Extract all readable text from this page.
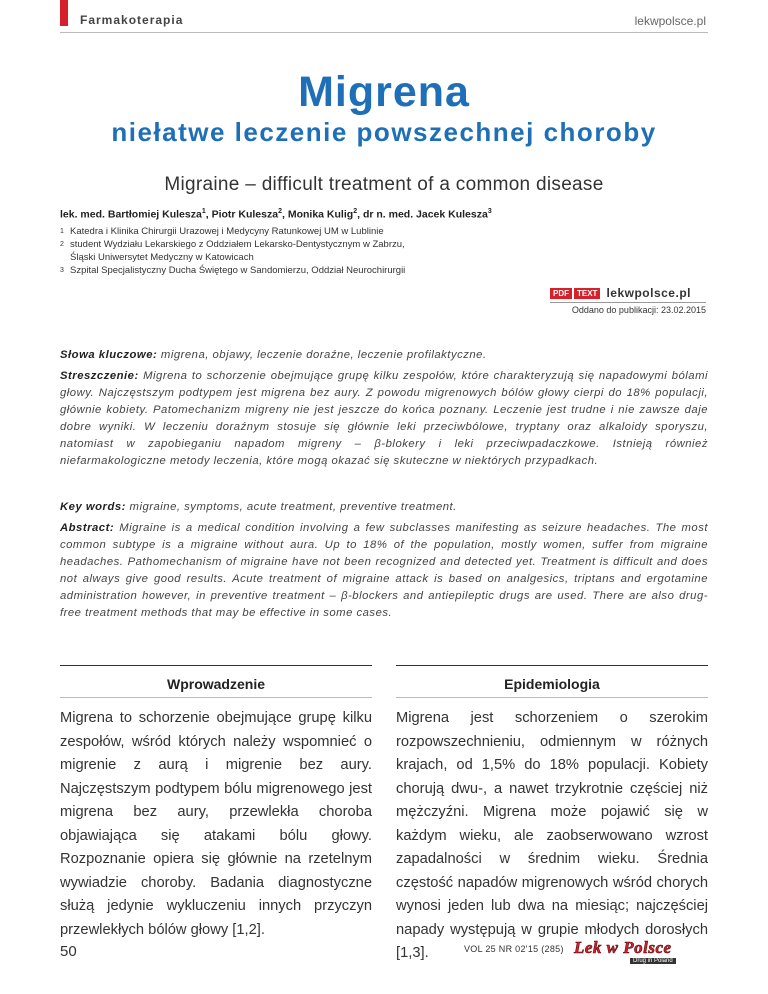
Farmakoterapia	lekwpolsce.pl
Migrena
niełatwe leczenie powszechnej choroby
Migraine – difficult treatment of a common disease
lek. med. Bartłomiej Kulesza$^1$, Piotr Kulesza$^2$, Monika Kulig$^2$, dr n. med. Jacek Kulesza$^3$
1 Katedra i Klinika Chirurgii Urazowej i Medycyny Ratunkowej UM w Lublinie
2 student Wydziału Lekarskiego z Oddziałem Lekarsko-Dentystycznym w Zabrzu,
Śląski Uniwersytet Medyczny w Katowicach
3 Szpital Specjalistyczny Ducha Świętego w Sandomierzu, Oddział Neurochirurgii
PDF	TEXT lekwpolsce.pl
Oddano do publikacji: 23.02.2015
Słowa kluczowe: migrena, objawy, leczenie doraźne, leczenie profilaktyczne.
Streszczenie: Migrena to schorzenie obejmujące grupę kilku zespołów, które charakteryzują się napadowymi bólami głowy. Najczęstszym podtypem jest migrena bez aury. Z powodu migrenowych bólów głowy cierpi do 18% populacji, głównie kobiety. Patomechanizm migreny nie jest jeszcze do końca poznany. Leczenie jest trudne i nie zawsze daje dobre wyniki. W leczeniu doraźnym stosuje się głównie leki przeciwbólowe, tryptany oraz alkaloidy sporyszu, natomiast w zapobieganiu napadom migreny – β-blokery i leki przeciwpadaczkowe. Istnieją również niefarmakologiczne metody leczenia, które mogą okazać się skuteczne w niektórych przypadkach.
Key words: migraine, symptoms, acute treatment, preventive treatment.
Abstract: Migraine is a medical condition involving a few subclasses manifesting as seizure headaches. The most common subtype is a migraine without aura. Up to 18% of the population, mostly women, suffer from migraine headaches. Pathomechanism of migraine have not been recognized and detected yet. Treatment is difficult and does not always give good results. Acute treatment of migraine attack is based on analgesics, triptans and ergotamine administration however, in preventive treatment – β-blockers and antiepileptic drugs are used. There are also drug-free treatment methods that may be effective in some cases.
Wprowadzenie
Migrena to schorzenie obejmujące grupę kilku zespołów, wśród których należy wspomnieć o migrenie z aurą i migrenie bez aury. Najczęstszym podtypem bólu migrenowego jest migrena bez aury, przewlekła choroba objawiająca się atakami bólu głowy. Rozpoznanie opiera się głównie na rzetelnym wywiadzie choroby. Badania diagnostyczne służą jedynie wykluczeniu innych przyczyn przewlekłych bólów głowy [1,2].
Epidemiologia
Migrena jest schorzeniem o szerokim rozpowszechnieniu, odmiennym w różnych krajach, od 1,5% do 18% populacji. Kobiety chorują dwu-, a nawet trzykrotnie częściej niż mężczyźni. Migrena może pojawić się w każdym wieku, ale zaobserwowano wzrost zapadalności w średnim wieku. Średnia częstość napadów migrenowych wśród chorych wynosi jeden lub dwa na miesiąc; najczęściej napady występują w grupie młodych dorosłych [1,3].
50	VOL 25 NR 02'15 (285) Lek w Polsce
Drug in Poland
